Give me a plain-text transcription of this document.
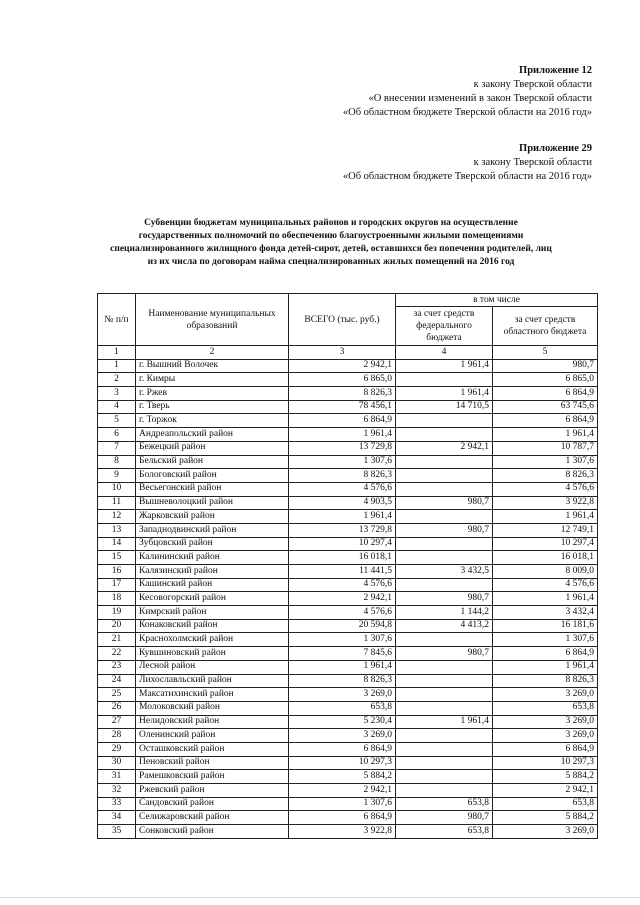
Приложение 12
к закону Тверской области
«О внесении изменений в закон Тверской области
«Об областном бюджете Тверской области на 2016 год»
Приложение 29
к закону Тверской области
«Об областном бюджете Тверской области на 2016 год»
Субвенции бюджетам муниципальных районов и городских округов на осуществление
государственных полномочий по обеспечению благоустроенными жилыми помещениями
специализированного жилищного фонда детей-сирот, детей, оставшихся без попечения родителей, лиц
из их числа по договорам найма специализированных жилых помещений на 2016 год
№ п/п	Наименование муниципальных образований	ВСЕГО (тыс. руб.)	в том числе	
			за счет средств федерального бюджета	за счет средств областного бюджета
1	2	3	4	5
1	г. Вышний Волочек	2 942,1	1 961,4	980,7
2	г. Кимры	6 865,0		6 865,0
3	г. Ржев	8 826,3	1 961,4	6 864,9
4	г. Тверь	78 456,1	14 710,5	63 745,6
5	г. Торжок	6 864,9		6 864,9
6	Андреапольский район	1 961,4		1 961,4
7	Бежецкий район	13 729,8	2 942,1	10 787,7
8	Бельский район	1 307,6		1 307,6
9	Бологовский район	8 826,3		8 826,3
10	Весьегонский район	4 576,6		4 576,6
11	Вышневолоцкий район	4 903,5	980,7	3 922,8
12	Жарковский район	1 961,4		1 961,4
13	Западнодвинский район	13 729,8	980,7	12 749,1
14	Зубцовский район	10 297,4		10 297,4
15	Калининский район	16 018,1		16 018,1
16	Калязинский район	11 441,5	3 432,5	8 009,0
17	Кашинский район	4 576,6		4 576,6
18	Кесовогорский район	2 942,1	980,7	1 961,4
19	Кимрский район	4 576,6	1 144,2	3 432,4
20	Конаковский район	20 594,8	4 413,2	16 181,6
21	Краснохолмский район	1 307,6		1 307,6
22	Кувшиновский район	7 845,6	980,7	6 864,9
23	Лесной район	1 961,4		1 961,4
24	Лихославльский район	8 826,3		8 826,3
25	Максатихинский район	3 269,0		3 269,0
26	Молоковский район	653,8		653,8
27	Нелидовский район	5 230,4	1 961,4	3 269,0
28	Оленинский район	3 269,0		3 269,0
29	Осташковский район	6 864,9		6 864,9
30	Пеновский район	10 297,3		10 297,3
31	Рамешковский район	5 884,2		5 884,2
32	Ржевский район	2 942,1		2 942,1
33	Сандовский район	1 307,6	653,8	653,8
34	Селижаровский район	6 864,9	980,7	5 884,2
35	Сонковский район	3 922,8	653,8	3 269,0
